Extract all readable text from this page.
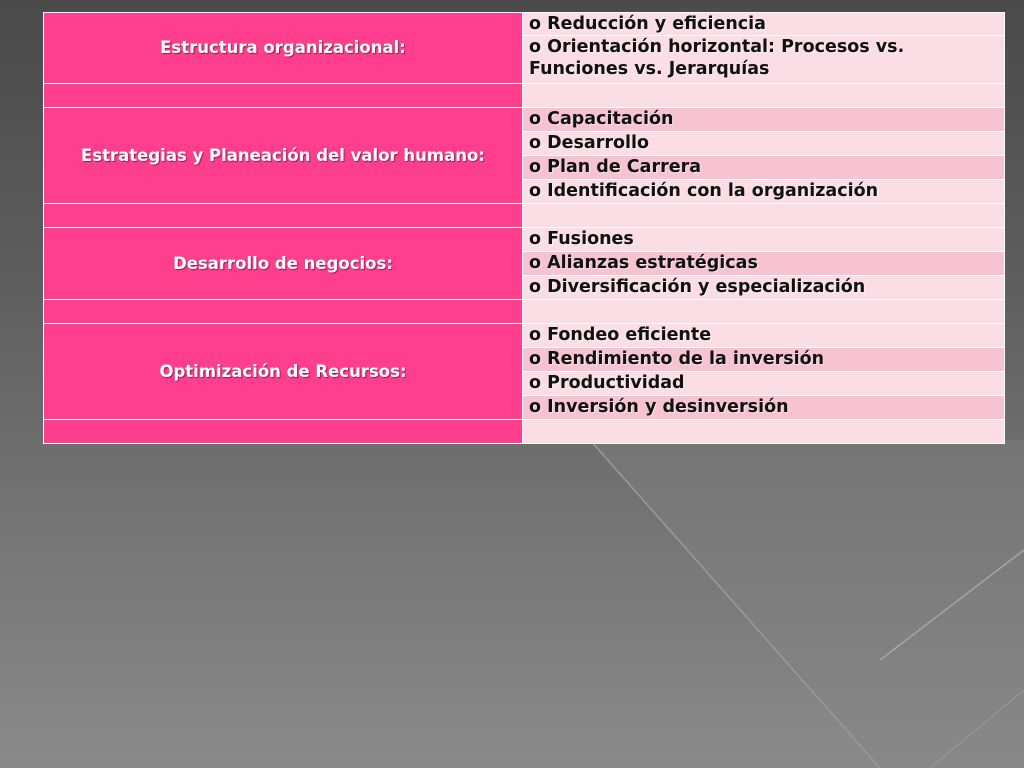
Estructura organizacional:	o Reducción y eficiencia
	o Orientación horizontal: Procesos vs. Funciones vs. Jerarquías

Estrategias y Planeación del valor humano:	o Capacitación
	o Desarrollo
	o Plan de Carrera
	o Identificación con la organización

Desarrollo de negocios:	o Fusiones
	o Alianzas estratégicas
	o Diversificación y especialización

Optimización de Recursos:	o Fondeo eficiente
	o Rendimiento de la inversión
	o Productividad
	o Inversión y desinversión
